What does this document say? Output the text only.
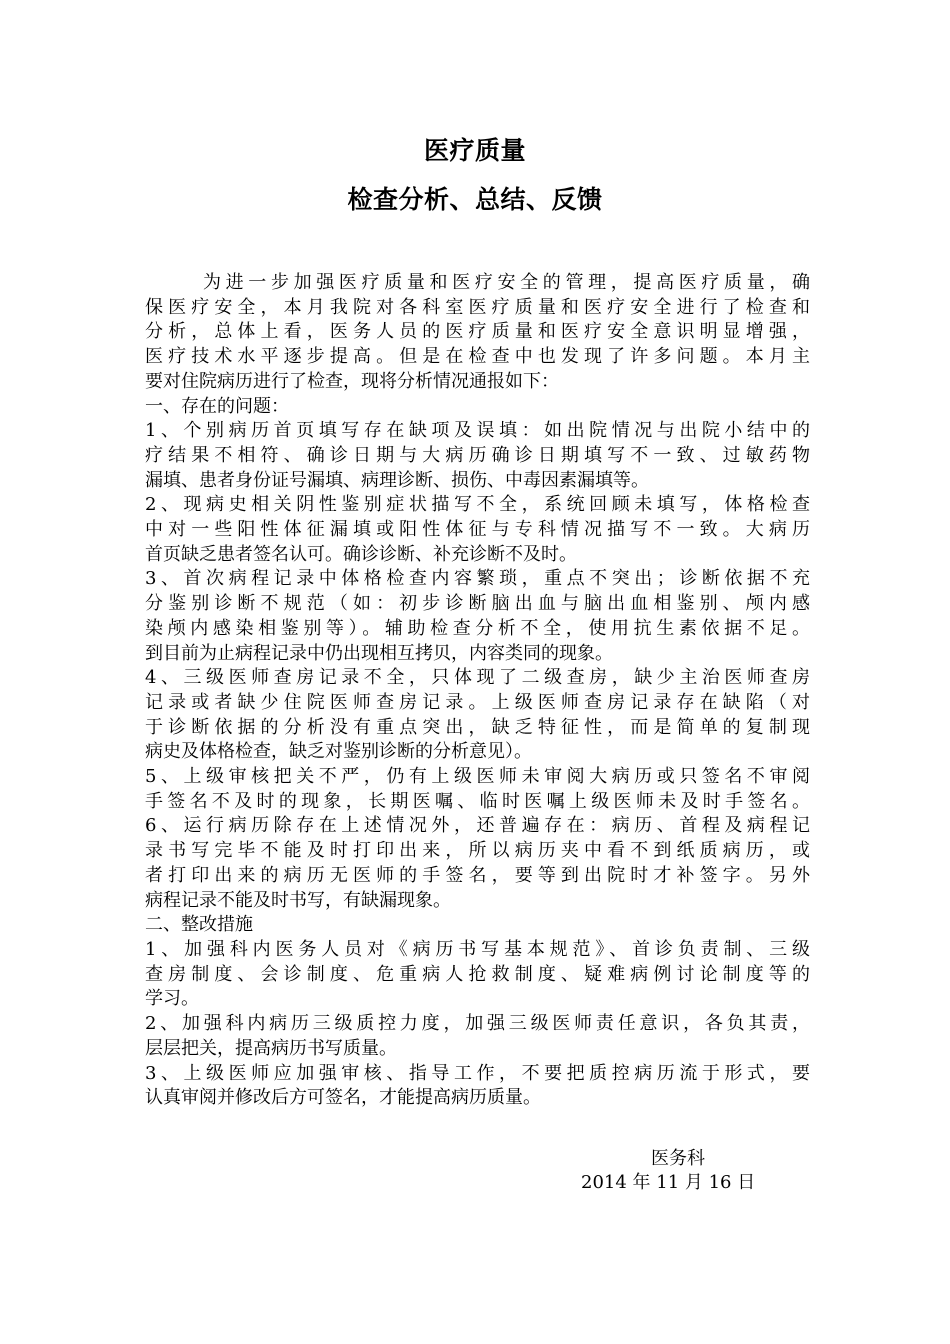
医疗质量
检查分析、总结、反馈
为进一步加强医疗质量和医疗安全的管理，提高医疗质量，确
保医疗安全，本月我院对各科室医疗质量和医疗安全进行了检查和
分析，总体上看，医务人员的医疗质量和医疗安全意识明显增强，
医疗技术水平逐步提高。但是在检查中也发现了许多问题。本月主
要对住院病历进行了检查，现将分析情况通报如下：
一、存在的问题：
1、个别病历首页填写存在缺项及误填：如出院情况与出院小结中的
疗结果不相符、确诊日期与大病历确诊日期填写不一致、过敏药物
漏填、患者身份证号漏填、病理诊断、损伤、中毒因素漏填等。
2、现病史相关阴性鉴别症状描写不全，系统回顾未填写，体格检查
中对一些阳性体征漏填或阳性体征与专科情况描写不一致。大病历
首页缺乏患者签名认可。确诊诊断、补充诊断不及时。
3、首次病程记录中体格检查内容繁琐，重点不突出；诊断依据不充
分鉴别诊断不规范（如：初步诊断脑出血与脑出血相鉴别、颅内感
染颅内感染相鉴别等）。辅助检查分析不全，使用抗生素依据不足。
到目前为止病程记录中仍出现相互拷贝，内容类同的现象。
4、三级医师查房记录不全，只体现了二级查房，缺少主治医师查房
记录或者缺少住院医师查房记录。上级医师查房记录存在缺陷（对
于诊断依据的分析没有重点突出，缺乏特征性，而是简单的复制现
病史及体格检查，缺乏对鉴别诊断的分析意见）。
5、上级审核把关不严，仍有上级医师未审阅大病历或只签名不审阅
手签名不及时的现象，长期医嘱、临时医嘱上级医师未及时手签名。
6、运行病历除存在上述情况外，还普遍存在：病历、首程及病程记
录书写完毕不能及时打印出来，所以病历夹中看不到纸质病历，或
者打印出来的病历无医师的手签名，要等到出院时才补签字。另外
病程记录不能及时书写，有缺漏现象。
二、整改措施
1、加强科内医务人员对《病历书写基本规范》、首诊负责制、三级
查房制度、会诊制度、危重病人抢救制度、疑难病例讨论制度等的
学习。
2、加强科内病历三级质控力度，加强三级医师责任意识，各负其责，
层层把关，提高病历书写质量。
3、上级医师应加强审核、指导工作，不要把质控病历流于形式，要
认真审阅并修改后方可签名，才能提高病历质量。
医务科
2014 年 11 月 16 日
